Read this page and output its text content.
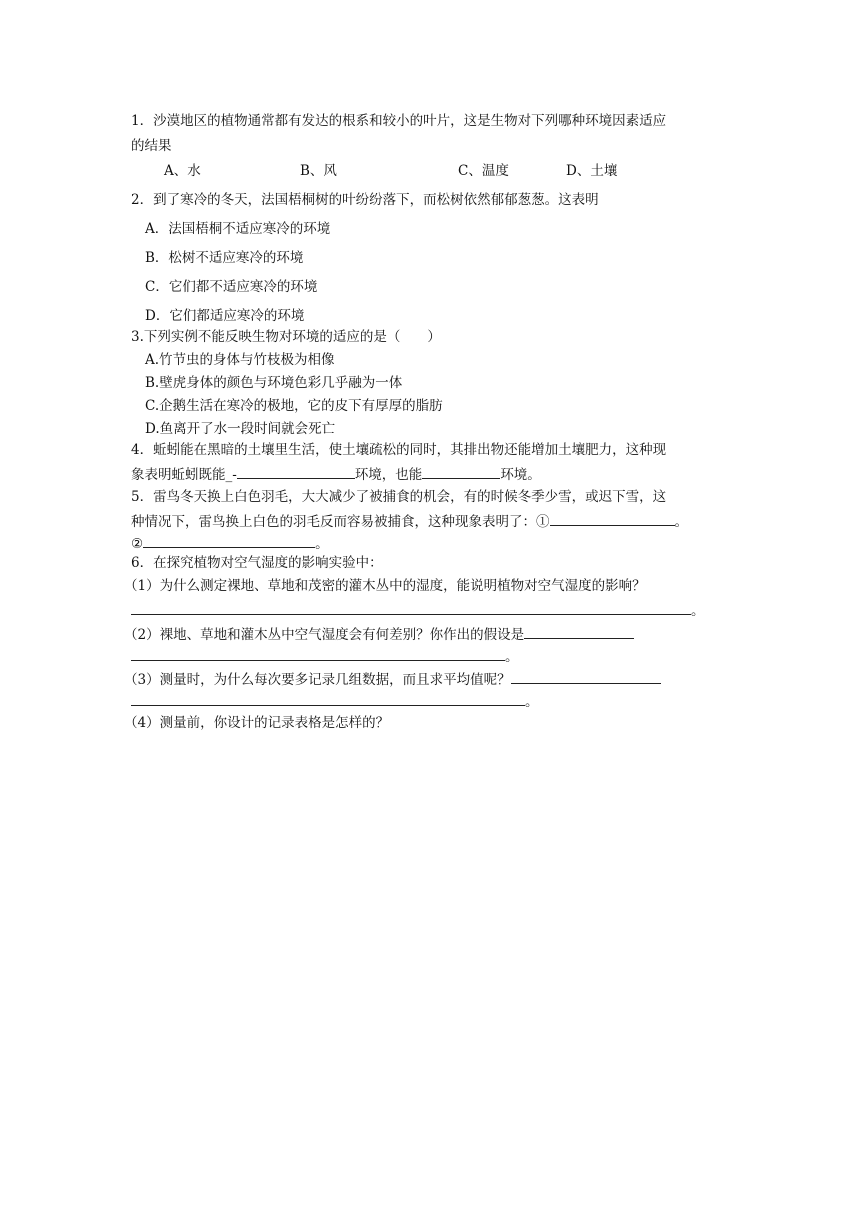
1．沙漠地区的植物通常都有发达的根系和较小的叶片，这是生物对下列哪种环境因素适应
的结果
A、水	B、风	C、温度	D、土壤
2．到了寒冷的冬天，法国梧桐树的叶纷纷落下，而松树依然郁郁葱葱。这表明
A．法国梧桐不适应寒冷的环境
B．松树不适应寒冷的环境
C．它们都不适应寒冷的环境
D．它们都适应寒冷的环境
3.下列实例不能反映生物对环境的适应的是（　　）
A.竹节虫的身体与竹枝极为相像
B.壁虎身体的颜色与环境色彩几乎融为一体
C.企鹅生活在寒冷的极地，它的皮下有厚厚的脂肪
D.鱼离开了水一段时间就会死亡
4．蚯蚓能在黑暗的土壤里生活，使土壤疏松的同时，其排出物还能增加土壤肥力，这种现
象表明蚯蚓既能_-	环境，也能	环境。
5．雷鸟冬天换上白色羽毛，大大减少了被捕食的机会，有的时候冬季少雪，或迟下雪，这
种情况下，雷鸟换上白色的羽毛反而容易被捕食，这种现象表明了：①	。
②	。
6．在探究植物对空气湿度的影响实验中：
（1）为什么测定裸地、草地和茂密的灌木丛中的湿度，能说明植物对空气湿度的影响？
。
（2）裸地、草地和灌木丛中空气湿度会有何差别？你作出的假设是
。
（3）测量时，为什么每次要多记录几组数据，而且求平均值呢？
。
（4）测量前，你设计的记录表格是怎样的？
